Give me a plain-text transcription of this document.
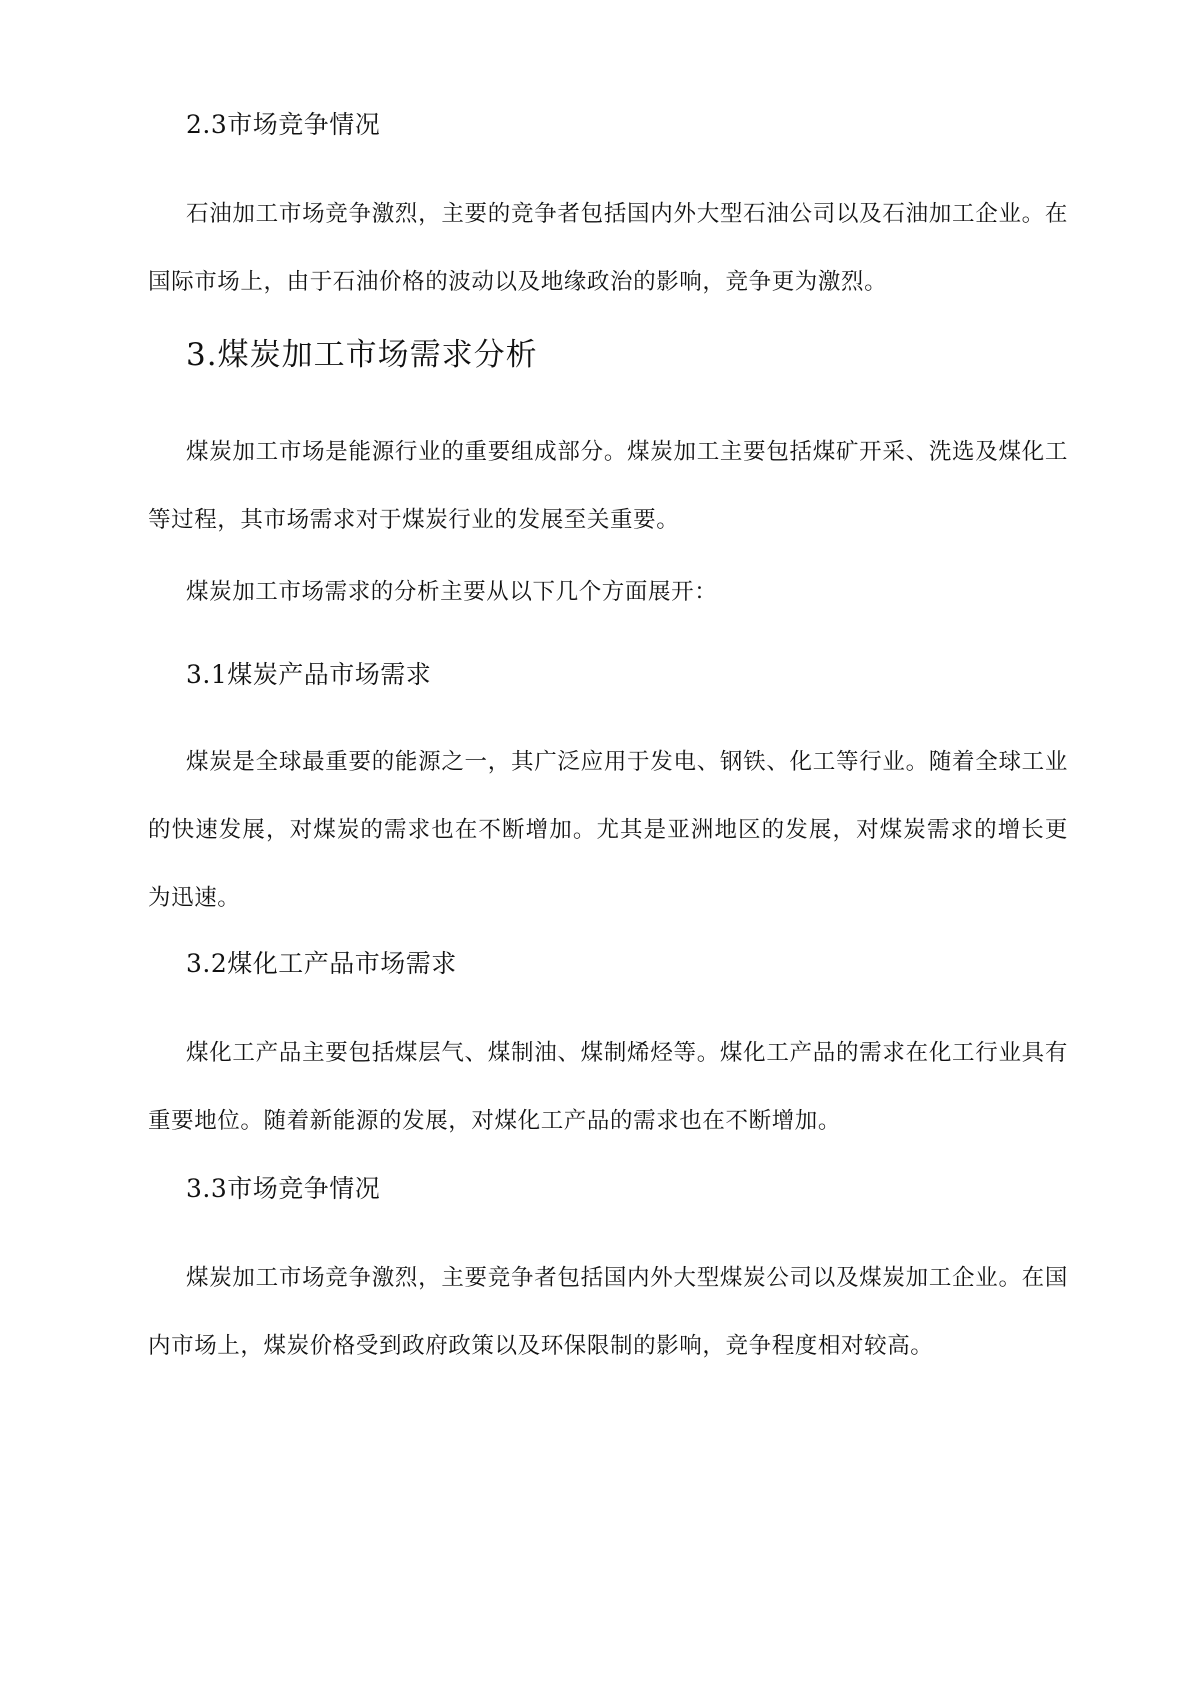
2.3市场竞争情况

石油加工市场竞争激烈，主要的竞争者包括国内外大型石油公司以及石油加工企业。在国际市场上，由于石油价格的波动以及地缘政治的影响，竞争更为激烈。

3.煤炭加工市场需求分析

煤炭加工市场是能源行业的重要组成部分。煤炭加工主要包括煤矿开采、洗选及煤化工等过程，其市场需求对于煤炭行业的发展至关重要。

煤炭加工市场需求的分析主要从以下几个方面展开：

3.1煤炭产品市场需求

煤炭是全球最重要的能源之一，其广泛应用于发电、钢铁、化工等行业。随着全球工业的快速发展，对煤炭的需求也在不断增加。尤其是亚洲地区的发展，对煤炭需求的增长更为迅速。

3.2煤化工产品市场需求

煤化工产品主要包括煤层气、煤制油、煤制烯烃等。煤化工产品的需求在化工行业具有重要地位。随着新能源的发展，对煤化工产品的需求也在不断增加。

3.3市场竞争情况

煤炭加工市场竞争激烈，主要竞争者包括国内外大型煤炭公司以及煤炭加工企业。在国内市场上，煤炭价格受到政府政策以及环保限制的影响，竞争程度相对较高。
